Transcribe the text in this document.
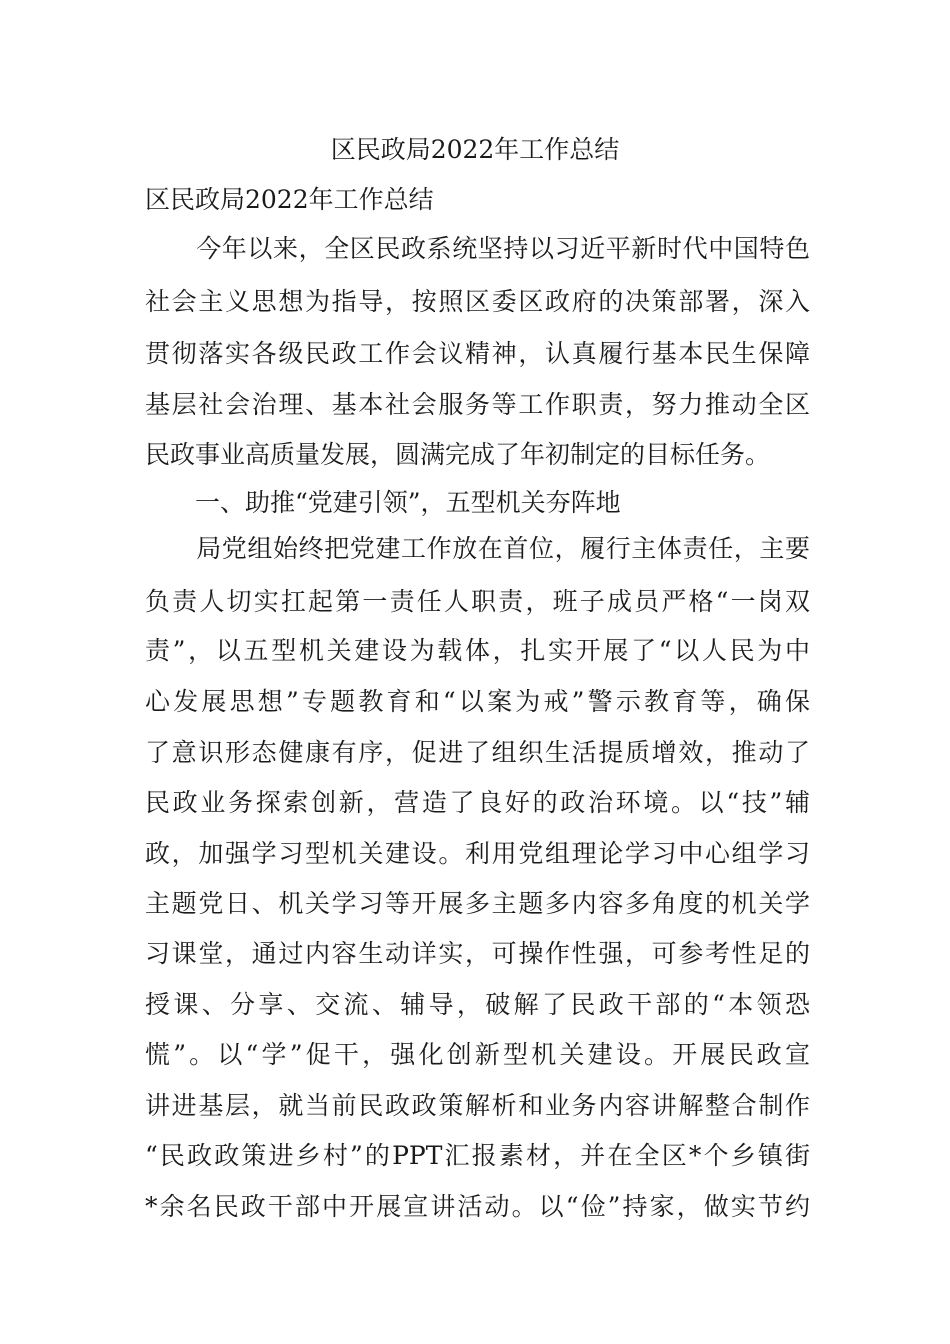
区民政局2022年工作总结

区民政局2022年工作总结

　　今年以来，全区民政系统坚持以习近平新时代中国特色

社会主义思想为指导，按照区委区政府的决策部署，深入

贯彻落实各级民政工作会议精神，认真履行基本民生保障

基层社会治理、基本社会服务等工作职责，努力推动全区

民政事业高质量发展，圆满完成了年初制定的目标任务。

　　一、助推“党建引领”，五型机关夯阵地

　　局党组始终把党建工作放在首位，履行主体责任，主要

负责人切实扛起第一责任人职责，班子成员严格“一岗双

责”，以五型机关建设为载体，扎实开展了“以人民为中

心发展思想”专题教育和“以案为戒”警示教育等，确保

了意识形态健康有序，促进了组织生活提质增效，推动了

民政业务探索创新，营造了良好的政治环境。以“技”辅

政，加强学习型机关建设。利用党组理论学习中心组学习

主题党日、机关学习等开展多主题多内容多角度的机关学

习课堂，通过内容生动详实，可操作性强，可参考性足的

授课、分享、交流、辅导，破解了民政干部的“本领恐

慌”。以“学”促干，强化创新型机关建设。开展民政宣

讲进基层，就当前民政政策解析和业务内容讲解整合制作

“民政政策进乡村”的PPT汇报素材，并在全区*个乡镇街

*余名民政干部中开展宣讲活动。以“俭”持家，做实节约
